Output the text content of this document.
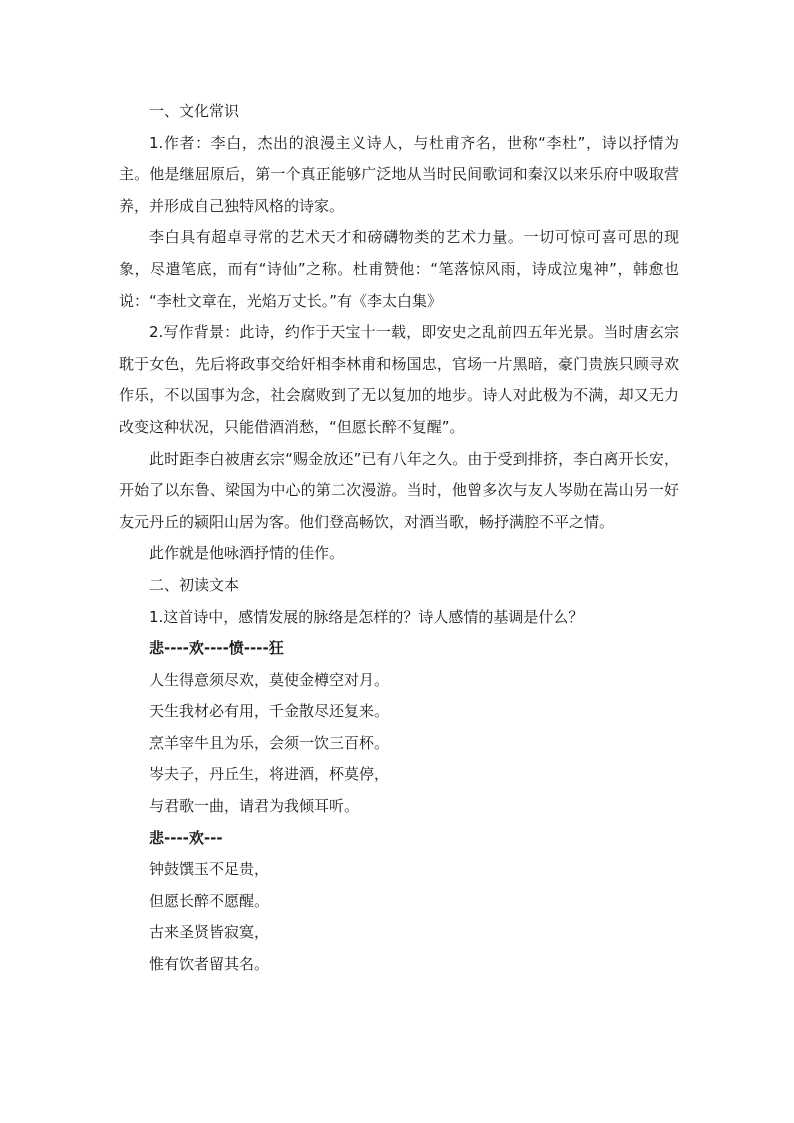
一、文化常识

1.作者：李白，杰出的浪漫主义诗人，与杜甫齐名，世称“李杜”，诗以抒情为主。他是继屈原后，第一个真正能够广泛地从当时民间歌词和秦汉以来乐府中吸取营养，并形成自己独特风格的诗家。

李白具有超卓寻常的艺术天才和磅礴物类的艺术力量。一切可惊可喜可思的现象，尽遣笔底，而有“诗仙”之称。杜甫赞他：“笔落惊风雨，诗成泣鬼神”，韩愈也说：“李杜文章在，光焰万丈长。”有《李太白集》

2.写作背景：此诗，约作于天宝十一载，即安史之乱前四五年光景。当时唐玄宗耽于女色，先后将政事交给奸相李林甫和杨国忠，官场一片黑暗，豪门贵族只顾寻欢作乐，不以国事为念，社会腐败到了无以复加的地步。诗人对此极为不满，却又无力改变这种状况，只能借酒消愁，“但愿长醉不复醒”。

此时距李白被唐玄宗“赐金放还”已有八年之久。由于受到排挤，李白离开长安，开始了以东鲁、梁国为中心的第二次漫游。当时，他曾多次与友人岑勋在嵩山另一好友元丹丘的颍阳山居为客。他们登高畅饮，对酒当歌，畅抒满腔不平之情。

此作就是他咏酒抒情的佳作。

二、初读文本

1.这首诗中，感情发展的脉络是怎样的？诗人感情的基调是什么？

悲----欢----愤----狂

人生得意须尽欢，莫使金樽空对月。

天生我材必有用，千金散尽还复来。

烹羊宰牛且为乐，会须一饮三百杯。

岑夫子，丹丘生，将进酒，杯莫停，

与君歌一曲，请君为我倾耳听。

悲----欢---

钟鼓馔玉不足贵，

但愿长醉不愿醒。

古来圣贤皆寂寞，

惟有饮者留其名。
